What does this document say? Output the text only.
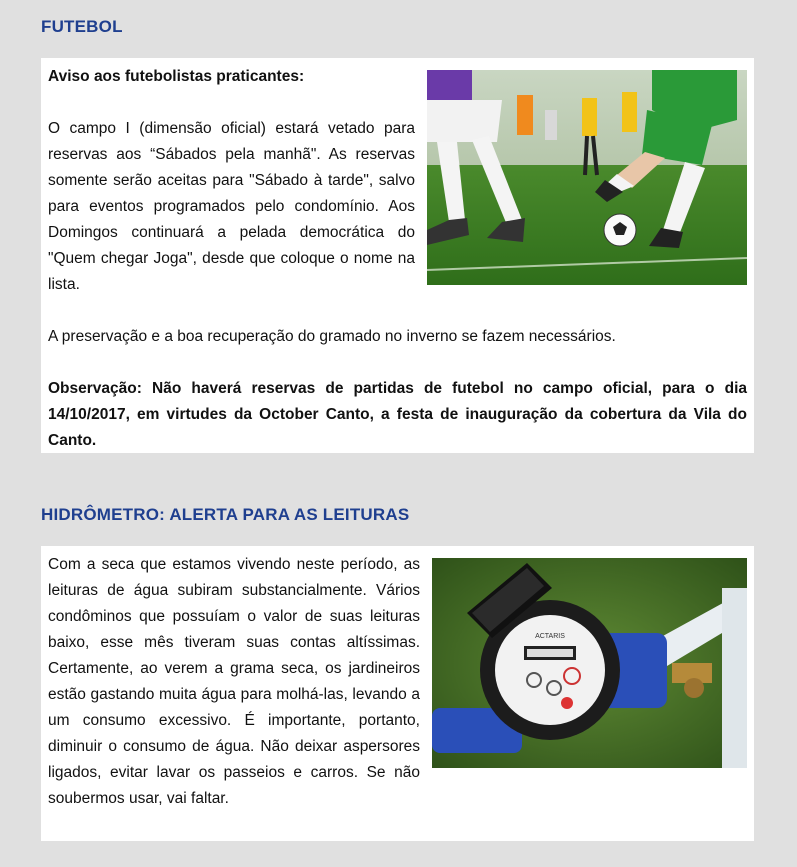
FUTEBOL

Aviso aos futebolistas praticantes:

O campo I (dimensão oficial) estará vetado para reservas aos “Sábados pela manhã". As reservas somente serão aceitas para "Sábado à tarde", salvo para eventos programados pelo condomínio. Aos Domingos continuará a pelada democrática do "Quem chegar Joga", desde que coloque o nome na lista.

A preservação e a boa recuperação do gramado no inverno se fazem necessários.

Observação: Não haverá reservas de partidas de futebol no campo oficial, para o dia 14/10/2017, em virtudes da October Canto, a festa de inauguração da cobertura da Vila do Canto.

HIDRÔMETRO: ALERTA PARA AS LEITURAS
ACTARIS

Com a seca que estamos vivendo neste período, as leituras de água subiram substancialmente. Vários condôminos que possuíam o valor de suas leituras baixo, esse mês tiveram suas contas altíssimas. Certamente, ao verem a grama seca, os jardineiros estão gastando muita água para molhá-las, levando a um consumo excessivo. É importante, portanto, diminuir o consumo de água. Não deixar aspersores ligados, evitar lavar os passeios e carros. Se não soubermos usar, vai faltar.
